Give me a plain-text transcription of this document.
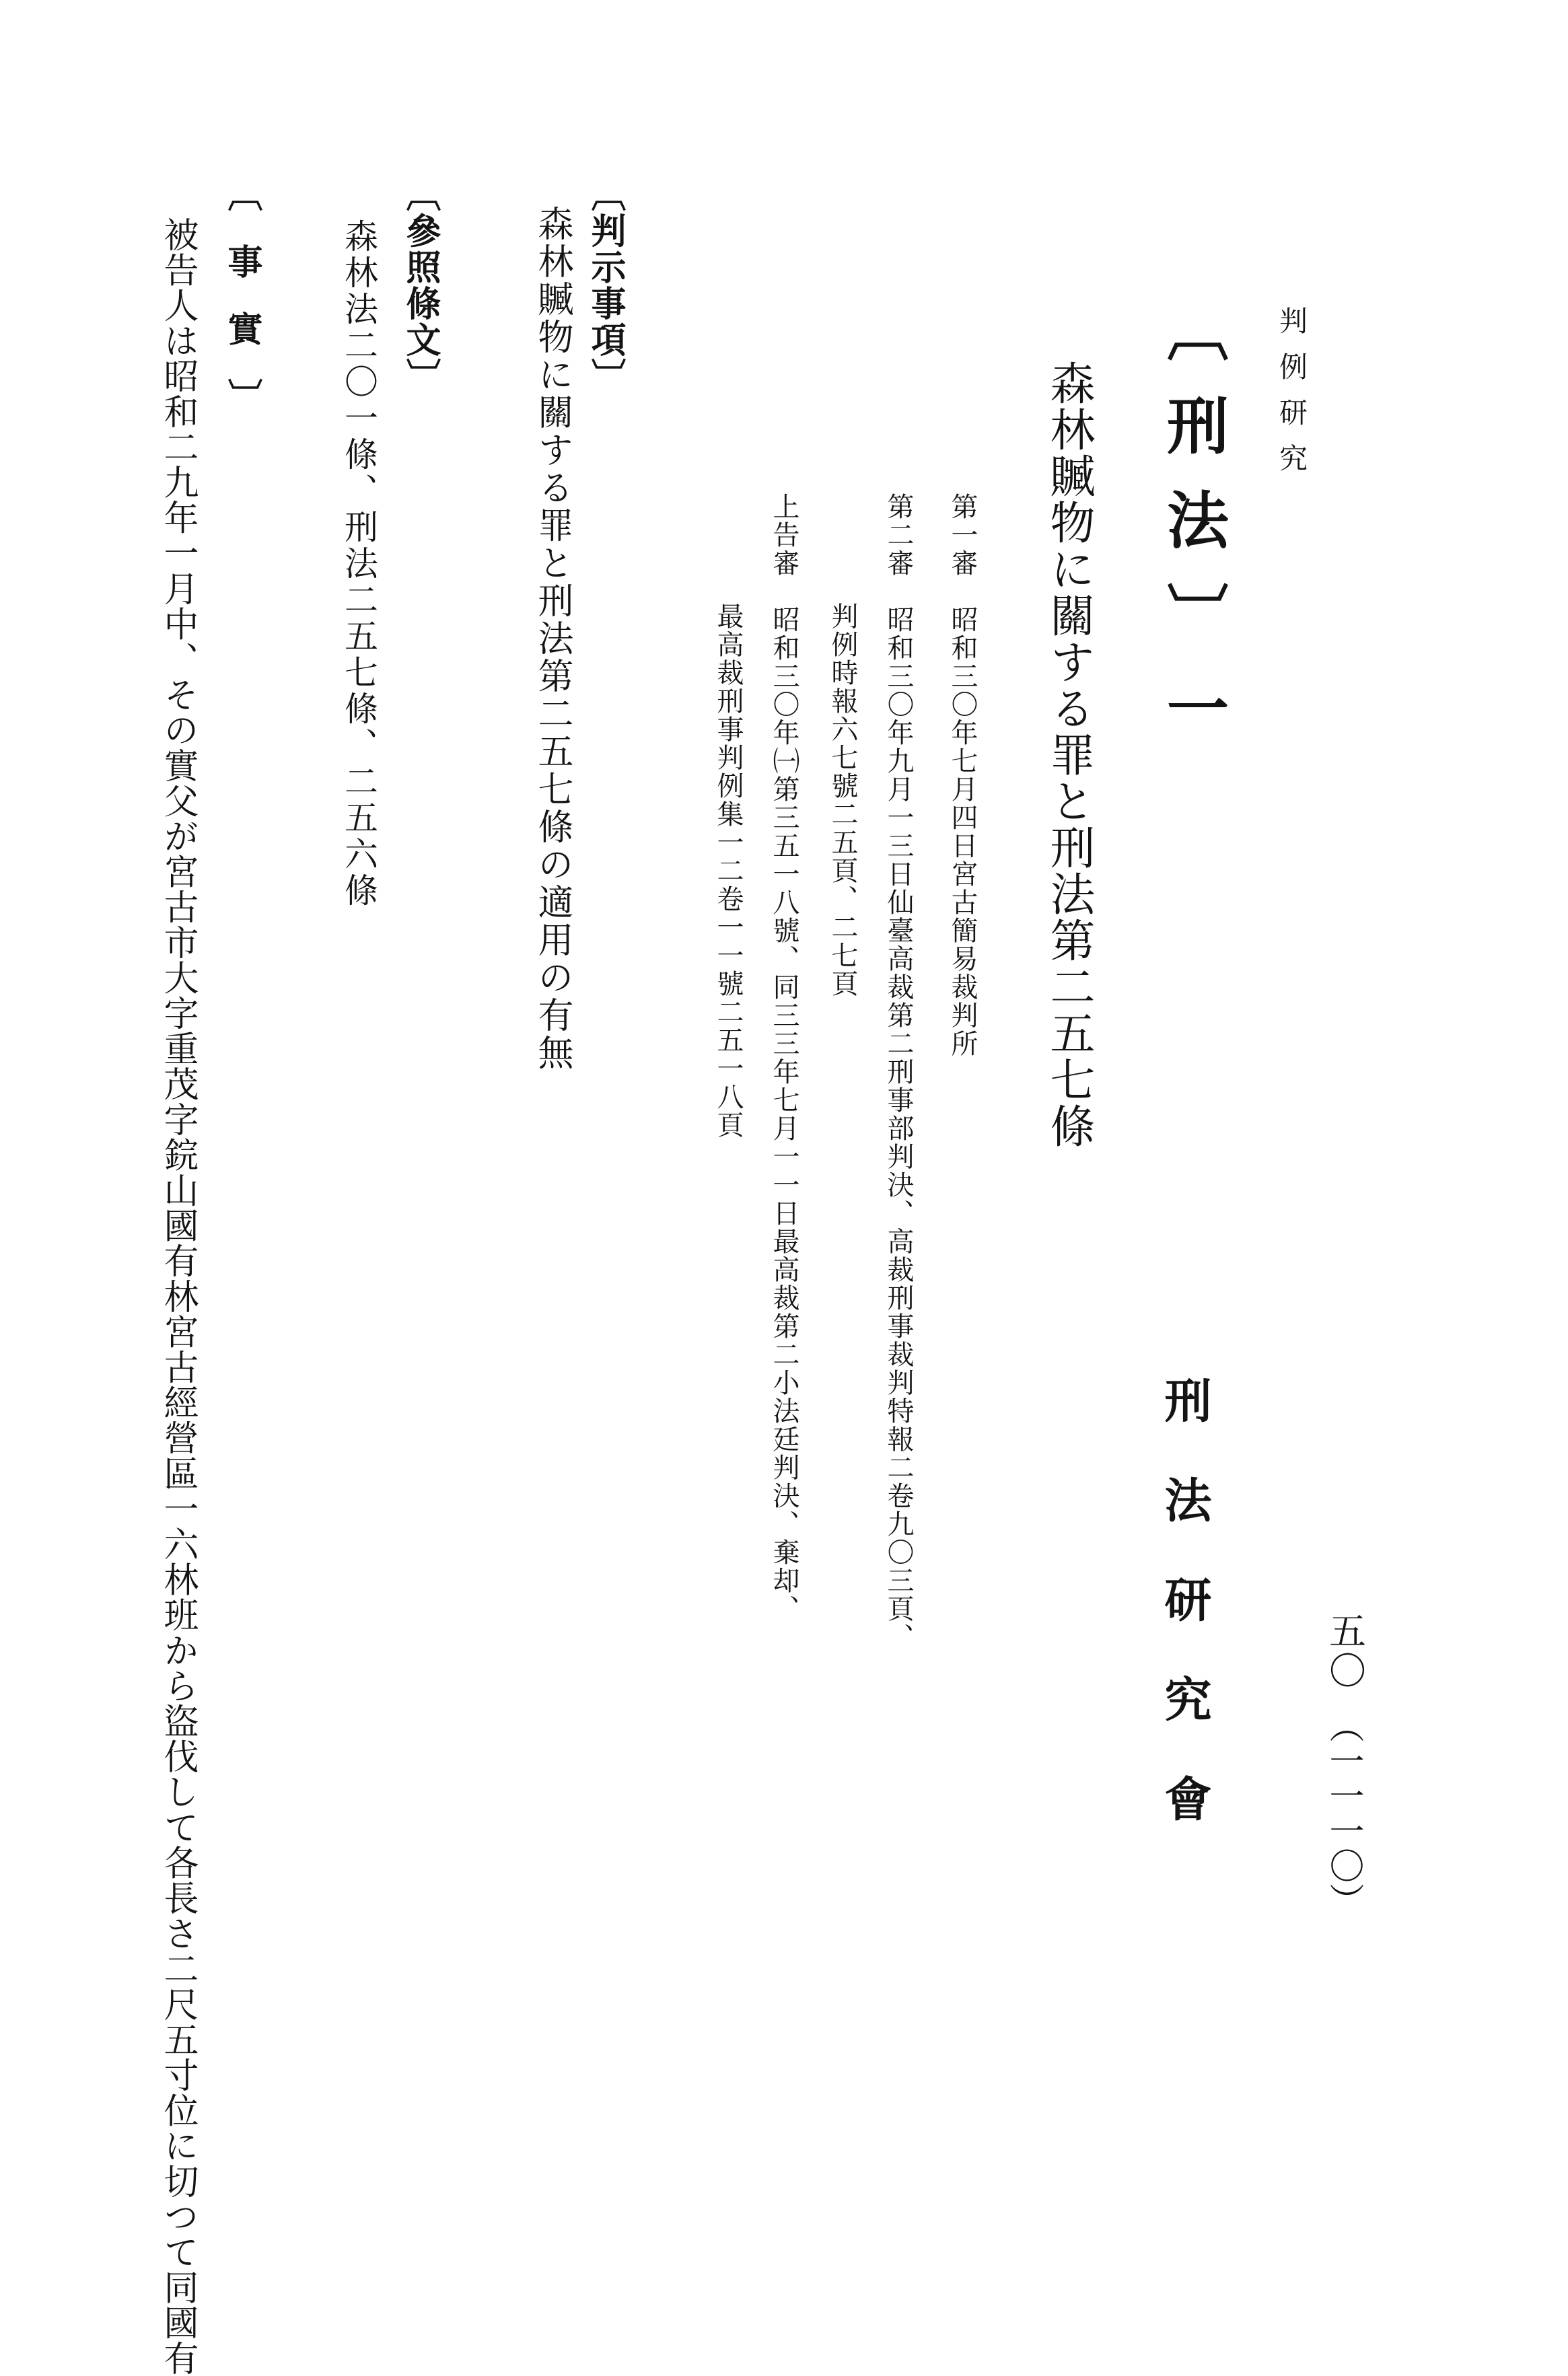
判例研究
五〇
（一一一〇）
〔刑法〕一
刑法研究會
森林贓物に關する罪と刑法第二五七條
第一審　昭和三〇年七月四日宮古簡易裁判所
第二審　昭和三〇年九月一三日仙臺高裁第二刑事部判決、高裁刑事裁判特報二卷九〇三頁、
判例時報六七號二五頁、二七頁
上告審　昭和三〇年㈠第三五一八號、同三三年七月一一日最高裁第二小法廷判決、棄却、
最高裁刑事判例集一二卷一一號二五一八頁
〔判示事項〕
森林贓物に關する罪と刑法第二五七條の適用の有無
〔參照條文〕
森林法二〇一條、刑法二五七條、二五六條
〔事實〕
被告人は昭和二九年一月中、その實父が宮古市大字重茂字鋎山國有林宮古經營區一六林班から盜伐して各長さ二尺五寸位に切つて同國有
